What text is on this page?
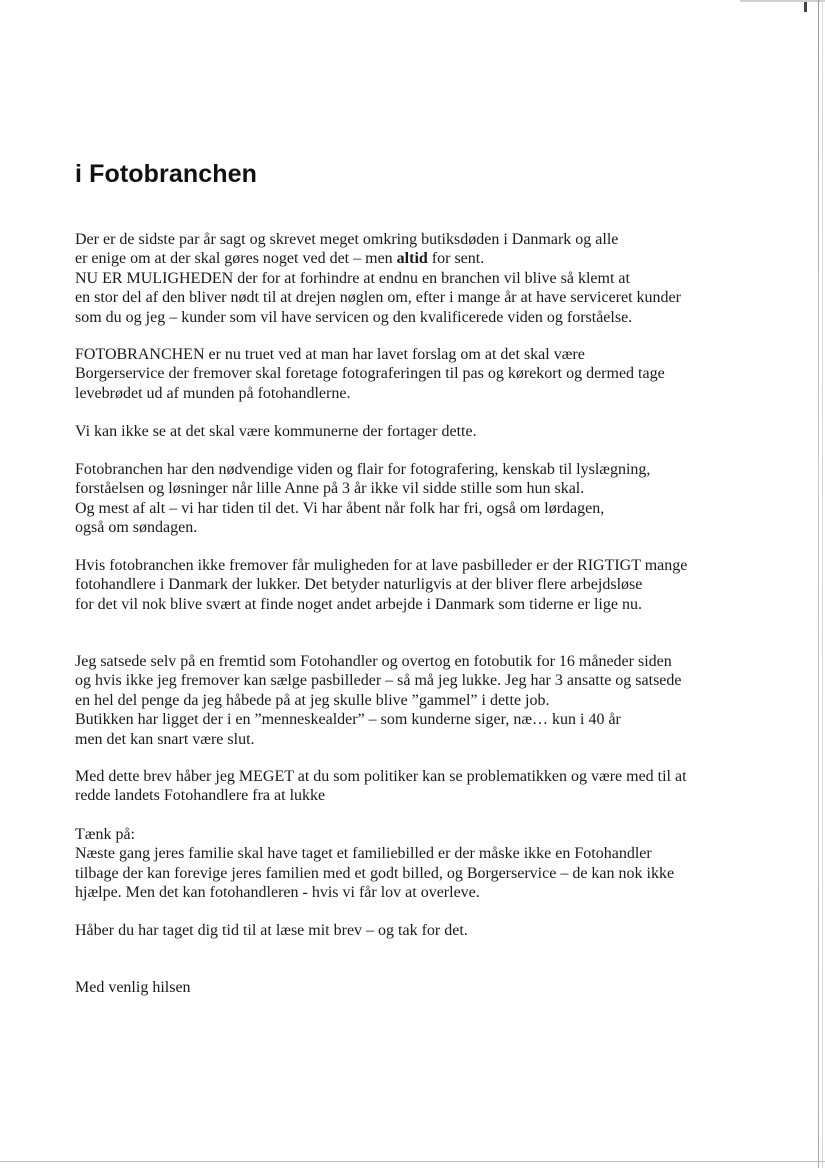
i Fotobranchen
Der er de sidste par år sagt og skrevet meget omkring butiksdøden i Danmark og alle
er enige om at der skal gøres noget ved det – men altid for sent.
NU ER MULIGHEDEN der for at forhindre at endnu en branchen vil blive så klemt at
en stor del af den bliver nødt til at drejen nøglen om, efter i mange år at have serviceret kunder
som du og jeg – kunder som vil have servicen og den kvalificerede viden og forståelse.
FOTOBRANCHEN er nu truet ved at man har lavet forslag om at det skal være
Borgerservice der fremover skal foretage fotograferingen til pas og kørekort og dermed tage
levebrødet ud af munden på fotohandlerne.
Vi kan ikke se at det skal være kommunerne der fortager dette.
Fotobranchen har den nødvendige viden og flair for fotografering, kenskab til lyslægning,
forståelsen og løsninger når lille Anne på 3 år ikke vil sidde stille som hun skal.
Og mest af alt – vi har tiden til det. Vi har åbent når folk har fri, også om lørdagen,
også om søndagen.
Hvis fotobranchen ikke fremover får muligheden for at lave pasbilleder er der RIGTIGT mange
fotohandlere i Danmark der lukker. Det betyder naturligvis at der bliver flere arbejdsløse
for det vil nok blive svært at finde noget andet arbejde i Danmark som tiderne er lige nu.
Jeg satsede selv på en fremtid som Fotohandler og overtog en fotobutik for 16 måneder siden
og hvis ikke jeg fremover kan sælge pasbilleder – så må jeg lukke. Jeg har 3 ansatte og satsede
en hel del penge da jeg håbede på at jeg skulle blive ”gammel” i dette job.
Butikken har ligget der i en ”menneskealder” – som kunderne siger, næ… kun i 40 år
men det kan snart være slut.
Med dette brev håber jeg MEGET at du som politiker kan se problematikken og være med til at
redde landets Fotohandlere fra at lukke
Tænk på:
Næste gang jeres familie skal have taget et familiebilled er der måske ikke en Fotohandler
tilbage der kan forevige jeres familien med et godt billed, og Borgerservice – de kan nok ikke
hjælpe. Men det kan fotohandleren - hvis vi får lov at overleve.
Håber du har taget dig tid til at læse mit brev – og tak for det.
Med venlig hilsen
